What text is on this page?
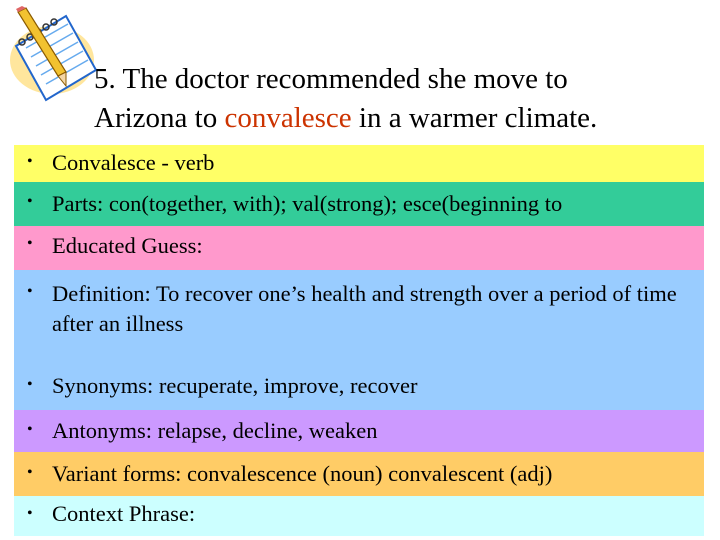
5. The doctor recommended she move to
Arizona to convalesce in a warmer climate.
• Convalesce - verb
• Parts: con(together, with); val(strong); esce(beginning to
• Educated Guess:
• Definition: To recover one’s health and strength over a period of time after an illness
• Synonyms: recuperate, improve, recover
• Antonyms: relapse, decline, weaken
• Variant forms: convalescence (noun) convalescent (adj)
• Context Phrase:
